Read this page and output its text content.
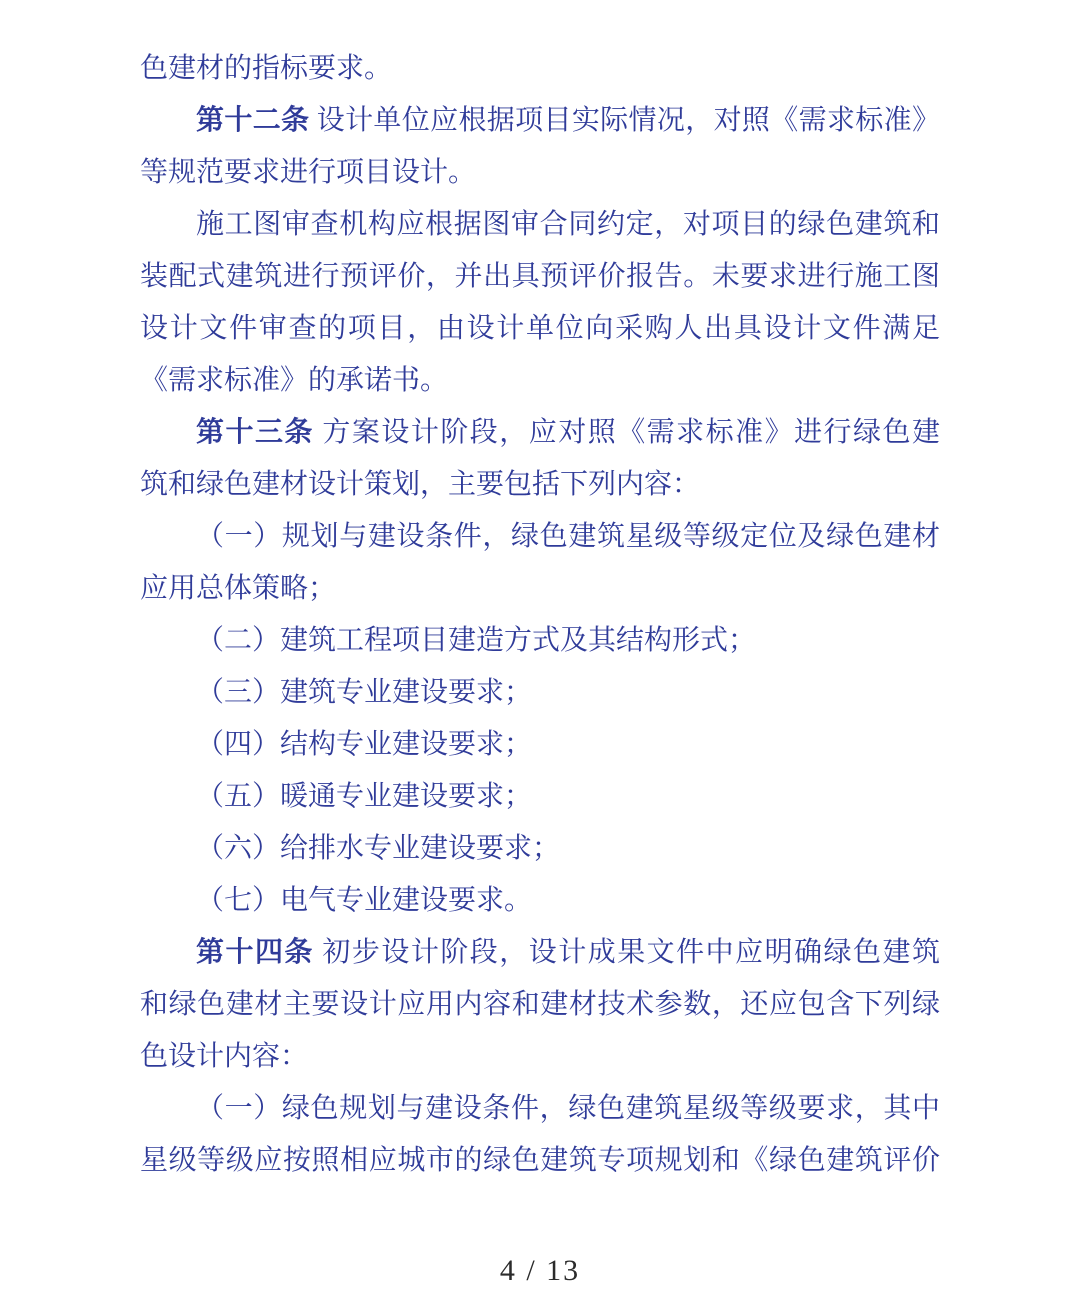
色建材的指标要求。
第十二条 设计单位应根据项目实际情况，对照《需求标准》
等规范要求进行项目设计。
施工图审查机构应根据图审合同约定，对项目的绿色建筑和
装配式建筑进行预评价，并出具预评价报告。未要求进行施工图
设计文件审查的项目，由设计单位向采购人出具设计文件满足
《需求标准》的承诺书。
第十三条 方案设计阶段，应对照《需求标准》进行绿色建
筑和绿色建材设计策划，主要包括下列内容：
（一）规划与建设条件，绿色建筑星级等级定位及绿色建材
应用总体策略；
（二）建筑工程项目建造方式及其结构形式；
（三）建筑专业建设要求；
（四）结构专业建设要求；
（五）暖通专业建设要求；
（六）给排水专业建设要求；
（七）电气专业建设要求。
第十四条 初步设计阶段，设计成果文件中应明确绿色建筑
和绿色建材主要设计应用内容和建材技术参数，还应包含下列绿
色设计内容：
（一）绿色规划与建设条件，绿色建筑星级等级要求，其中
星级等级应按照相应城市的绿色建筑专项规划和《绿色建筑评价
4 / 13
